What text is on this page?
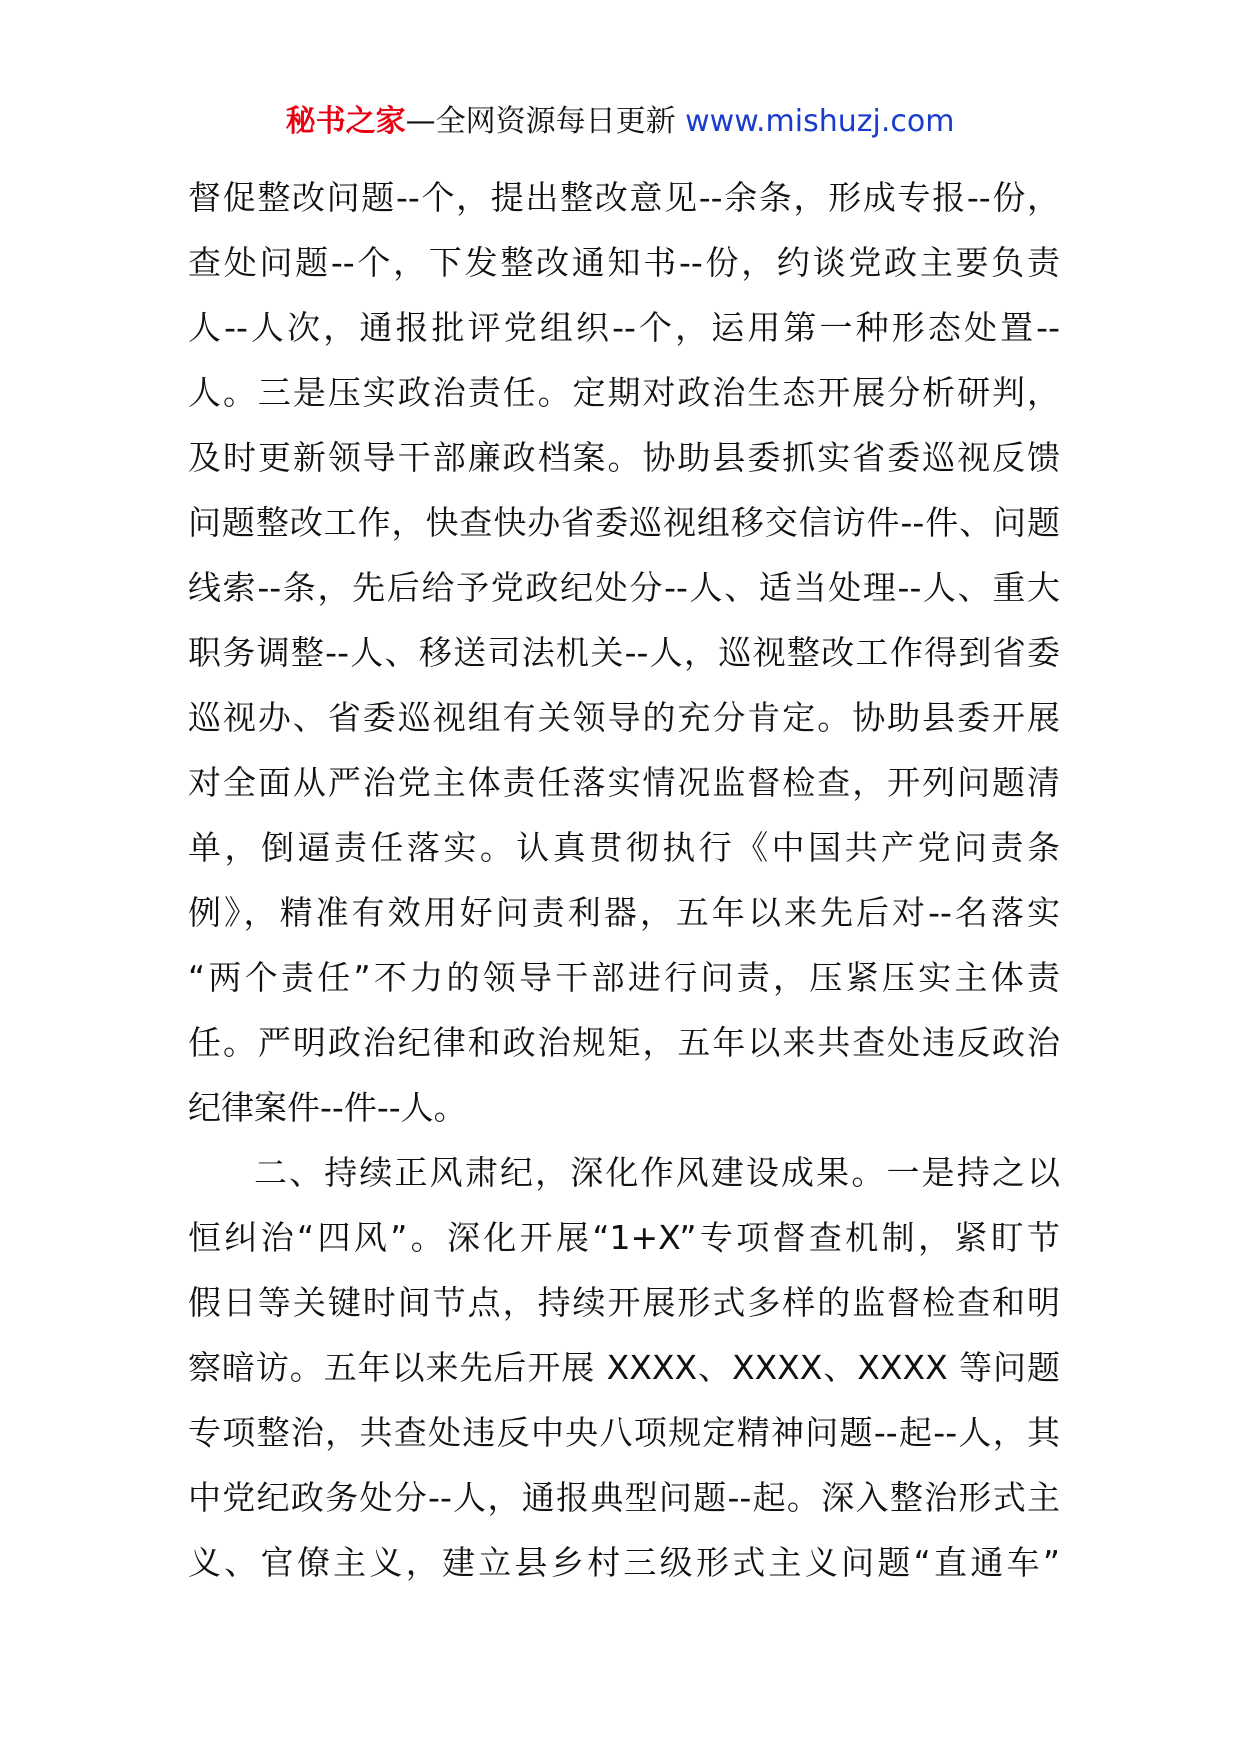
秘书之家—全网资源每日更新 www.mishuzj.com
督促整改问题--个，提出整改意见--余条，形成专报--份，
查处问题--个，下发整改通知书--份，约谈党政主要负责
人--人次，通报批评党组织--个，运用第一种形态处置--
人。三是压实政治责任。定期对政治生态开展分析研判，
及时更新领导干部廉政档案。协助县委抓实省委巡视反馈
问题整改工作，快查快办省委巡视组移交信访件--件、问题
线索--条，先后给予党政纪处分--人、适当处理--人、重大
职务调整--人、移送司法机关--人，巡视整改工作得到省委
巡视办、省委巡视组有关领导的充分肯定。协助县委开展
对全面从严治党主体责任落实情况监督检查，开列问题清
单，倒逼责任落实。认真贯彻执行《中国共产党问责条
例》，精准有效用好问责利器，五年以来先后对--名落实
“两个责任”不力的领导干部进行问责，压紧压实主体责
任。严明政治纪律和政治规矩，五年以来共查处违反政治
纪律案件--件--人。
二、持续正风肃纪，深化作风建设成果。一是持之以
恒纠治“四风”。深化开展“1+X”专项督查机制，紧盯节
假日等关键时间节点，持续开展形式多样的监督检查和明
察暗访。五年以来先后开展 XXXX、XXXX、XXXX 等问题
专项整治，共查处违反中央八项规定精神问题--起--人，其
中党纪政务处分--人，通报典型问题--起。深入整治形式主
义、官僚主义，建立县乡村三级形式主义问题“直通车”
